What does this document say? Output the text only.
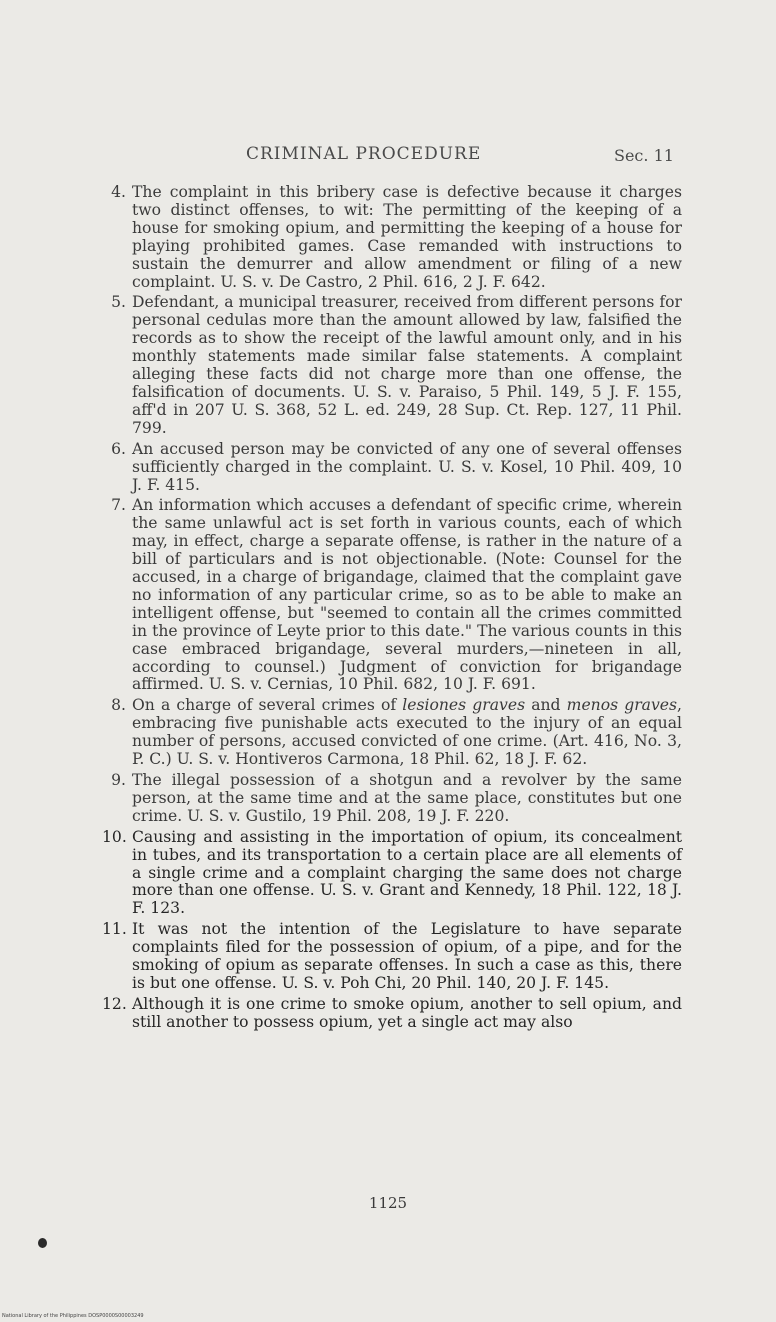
CRIMINAL PROCEDURE	Sec. 11

4. The complaint in this bribery case is defective because it charges two distinct offenses, to wit: The permitting of the keeping of a house for smoking opium, and permitting the keeping of a house for playing prohibited games. Case remanded with instructions to sustain the demurrer and allow amendment or filing of a new complaint. U. S. v. De Castro, 2 Phil. 616, 2 J. F. 642.

5. Defendant, a municipal treasurer, received from different persons for personal cedulas more than the amount allowed by law, falsified the records as to show the receipt of the lawful amount only, and in his monthly statements made similar false statements. A complaint alleging these facts did not charge more than one offense, the falsification of documents. U. S. v. Paraiso, 5 Phil. 149, 5 J. F. 155, aff'd in 207 U. S. 368, 52 L. ed. 249, 28 Sup. Ct. Rep. 127, 11 Phil. 799.

6. An accused person may be convicted of any one of several offenses sufficiently charged in the complaint. U. S. v. Kosel, 10 Phil. 409, 10 J. F. 415.

7. An information which accuses a defendant of specific crime, wherein the same unlawful act is set forth in various counts, each of which may, in effect, charge a separate offense, is rather in the nature of a bill of particulars and is not objectionable. (Note: Counsel for the accused, in a charge of brigandage, claimed that the complaint gave no information of any particular crime, so as to be able to make an intelligent offense, but "seemed to contain all the crimes committed in the province of Leyte prior to this date." The various counts in this case embraced brigandage, several murders,—nineteen in all, according to counsel.) Judgment of conviction for brigandage affirmed. U. S. v. Cernias, 10 Phil. 682, 10 J. F. 691.

8. On a charge of several crimes of lesiones graves and menos graves, embracing five punishable acts executed to the injury of an equal number of persons, accused convicted of one crime. (Art. 416, No. 3, P. C.) U. S. v. Hontiveros Carmona, 18 Phil. 62, 18 J. F. 62.

9. The illegal possession of a shotgun and a revolver by the same person, at the same time and at the same place, constitutes but one crime. U. S. v. Gustilo, 19 Phil. 208, 19 J. F. 220.

10. Causing and assisting in the importation of opium, its concealment in tubes, and its transportation to a certain place are all elements of a single crime and a complaint charging the same does not charge more than one offense. U. S. v. Grant and Kennedy, 18 Phil. 122, 18 J. F. 123.

11. It was not the intention of the Legislature to have separate complaints filed for the possession of opium, of a pipe, and for the smoking of opium as separate offenses. In such a case as this, there is but one offense. U. S. v. Poh Chi, 20 Phil. 140, 20 J. F. 145.

12. Although it is one crime to smoke opium, another to sell opium, and still another to possess opium, yet a single act may also

1125
National Library of the Philippines DOSP0000S00003249
